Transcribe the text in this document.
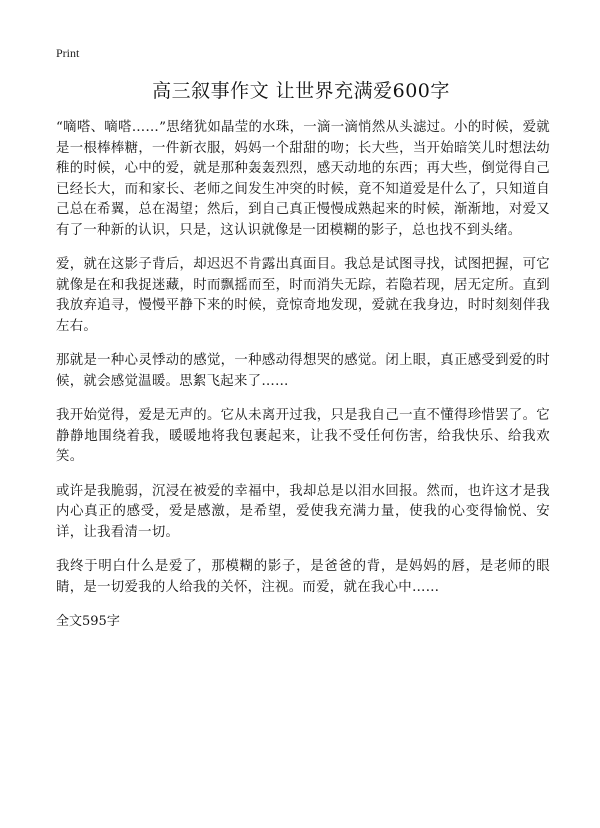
Print
高三叙事作文 让世界充满爱600字

“嘀嗒、嘀嗒……”思绪犹如晶莹的水珠，一滴一滴悄然从头滤过。小的时候，爱就是一根棒棒糖，一件新衣服，妈妈一个甜甜的吻；长大些，当开始暗笑儿时想法幼稚的时候，心中的爱，就是那种轰轰烈烈，感天动地的东西；再大些，倒觉得自己已经长大，而和家长、老师之间发生冲突的时候，竟不知道爱是什么了，只知道自己总在希翼，总在渴望；然后，到自己真正慢慢成熟起来的时候，渐渐地，对爱又有了一种新的认识，只是，这认识就像是一团模糊的影子，总也找不到头绪。

爱，就在这影子背后，却迟迟不肯露出真面目。我总是试图寻找，试图把握，可它就像是在和我捉迷藏，时而飘摇而至，时而消失无踪，若隐若现，居无定所。直到我放弃追寻，慢慢平静下来的时候，竟惊奇地发现，爱就在我身边，时时刻刻伴我左右。

那就是一种心灵悸动的感觉，一种感动得想哭的感觉。闭上眼，真正感受到爱的时候，就会感觉温暖。思絮飞起来了……

我开始觉得，爱是无声的。它从未离开过我，只是我自己一直不懂得珍惜罢了。它静静地围绕着我，暖暖地将我包裹起来，让我不受任何伤害，给我快乐、给我欢笑。

或许是我脆弱，沉浸在被爱的幸福中，我却总是以泪水回报。然而，也许这才是我内心真正的感受，爱是感激，是希望，爱使我充满力量，使我的心变得愉悦、安详，让我看清一切。

我终于明白什么是爱了，那模糊的影子，是爸爸的背，是妈妈的唇，是老师的眼睛，是一切爱我的人给我的关怀，注视。而爱，就在我心中……

全文595字
